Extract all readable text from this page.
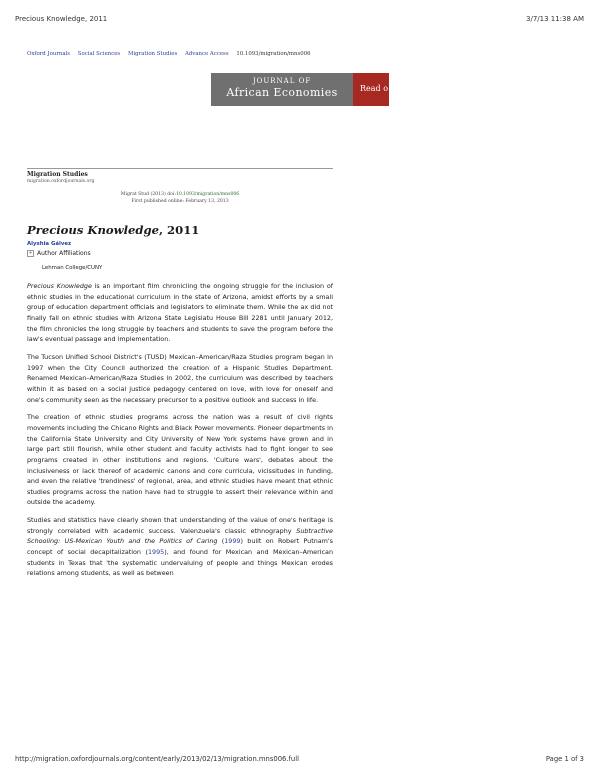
Precious Knowledge, 2011	3/7/13 11:38 AM
Oxford Journals Social Sciences Migration Studies Advance Access 10.1093/migration/mns006
JOURNAL OF
African Economies	Read o
Migration Studies
migration.oxfordjournals.org
Migrat Stud (2013) doi:10.1093/migration/mns006
First published online: February 13, 2013
Precious Knowledge, 2011
Alyshia Gálvez
+ Author Affiliations
Lehman College/CUNY

Precious Knowledge is an important film chronicling the ongoing struggle for the inclusion of ethnic studies in the educational curriculum in the state of Arizona, amidst efforts by a small group of education department officials and legislators to eliminate them. While the ax did not finally fall on ethnic studies with Arizona State Legislatu House Bill 2281 until January 2012, the film chronicles the long struggle by teachers and students to save the program before the law's eventual passage and implementation.

The Tucson Unified School District's (TUSD) Mexican–American/Raza Studies program began in 1997 when the City Council authorized the creation of a Hispanic Studies Department. Renamed Mexican–American/Raza Studies in 2002, the curriculum was described by teachers within it as based on a social justice pedagogy centered on love, with love for oneself and one's community seen as the necessary precursor to a positive outlook and success in life.

The creation of ethnic studies programs across the nation was a result of civil rights movements including the Chicano Rights and Black Power movements. Pioneer departments in the California State University and City University of New York systems have grown and in large part still flourish, while other student and faculty activists had to fight longer to see programs created in other institutions and regions. 'Culture wars', debates about the inclusiveness or lack thereof of academic canons and core curricula, vicissitudes in funding, and even the relative 'trendiness' of regional, area, and ethnic studies have meant that ethnic studies programs across the nation have had to struggle to assert their relevance within and outside the academy.

Studies and statistics have clearly shown that understanding of the value of one's heritage is strongly correlated with academic success. Valenzuela's classic ethnography Subtractive Schooling: US-Mexican Youth and the Politics of Caring (1999) built on Robert Putnam's concept of social decapitalization (1995), and found for Mexican and Mexican–American students in Texas that 'the systematic undervaluing of people and things Mexican erodes relations among students, as well as between

http://migration.oxfordjournals.org/content/early/2013/02/13/migration.mns006.full	Page 1 of 3
